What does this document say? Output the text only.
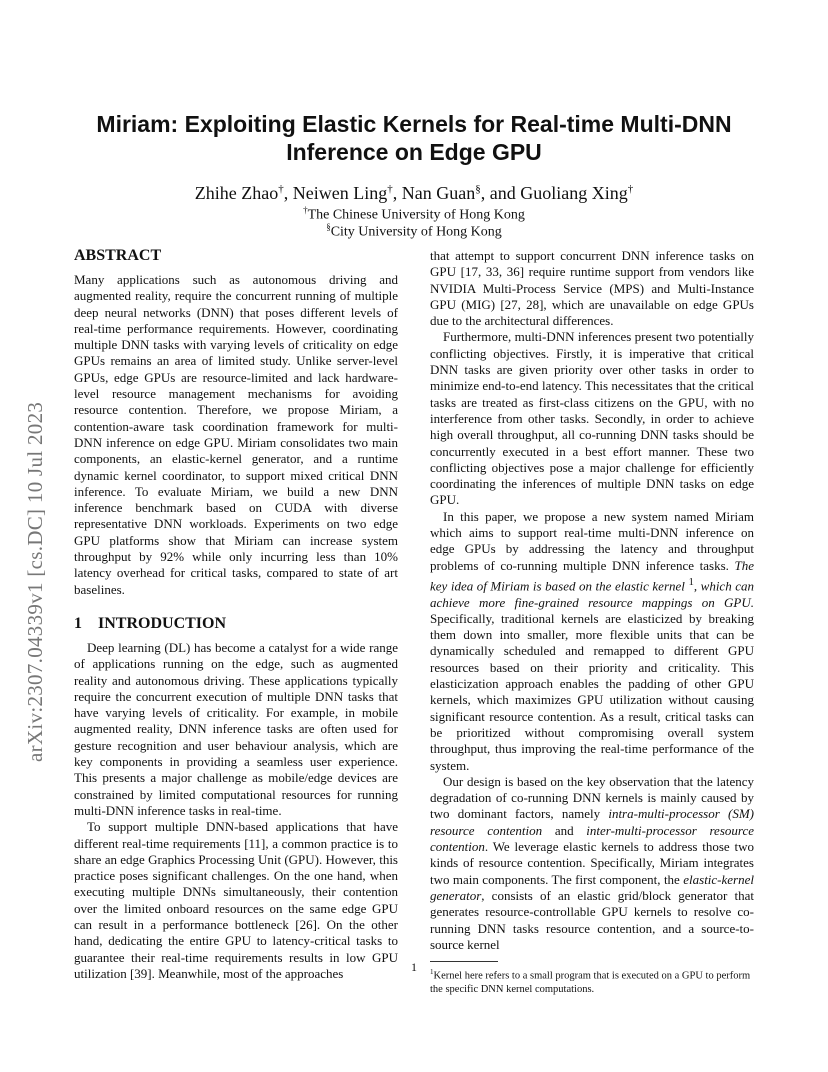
arXiv:2307.04339v1 [cs.DC] 10 Jul 2023
Miriam: Exploiting Elastic Kernels for Real-time Multi-DNN
Inference on Edge GPU
Zhihe Zhao†, Neiwen Ling†, Nan Guan§, and Guoliang Xing†
†The Chinese University of Hong Kong
§City University of Hong Kong
ABSTRACT

Many applications such as autonomous driving and augmented reality, require the concurrent running of multiple deep neural networks (DNN) that poses different levels of real-time performance requirements. However, coordinating multiple DNN tasks with varying levels of criticality on edge GPUs remains an area of limited study. Unlike server-level GPUs, edge GPUs are resource-limited and lack hardware-level resource management mechanisms for avoiding resource contention. Therefore, we propose Miriam, a contention-aware task coordination framework for multi-DNN inference on edge GPU. Miriam consolidates two main components, an elastic-kernel generator, and a runtime dynamic kernel coordinator, to support mixed critical DNN inference. To evaluate Miriam, we build a new DNN inference benchmark based on CUDA with diverse representative DNN workloads. Experiments on two edge GPU platforms show that Miriam can increase system throughput by 92% while only incurring less than 10% latency overhead for critical tasks, compared to state of art baselines.

1 INTRODUCTION

Deep learning (DL) has become a catalyst for a wide range of applications running on the edge, such as augmented reality and autonomous driving. These applications typically require the concurrent execution of multiple DNN tasks that have varying levels of criticality. For example, in mobile augmented reality, DNN inference tasks are often used for gesture recognition and user behaviour analysis, which are key components in providing a seamless user experience. This presents a major challenge as mobile/edge devices are constrained by limited computational resources for running multi-DNN inference tasks in real-time.

To support multiple DNN-based applications that have different real-time requirements [11], a common practice is to share an edge Graphics Processing Unit (GPU). However, this practice poses significant challenges. On the one hand, when executing multiple DNNs simultaneously, their contention over the limited onboard resources on the same edge GPU can result in a performance bottleneck [26]. On the other hand, dedicating the entire GPU to latency-critical tasks to guarantee their real-time requirements results in low GPU utilization [39]. Meanwhile, most of the approaches

that attempt to support concurrent DNN inference tasks on GPU [17, 33, 36] require runtime support from vendors like NVIDIA Multi-Process Service (MPS) and Multi-Instance GPU (MIG) [27, 28], which are unavailable on edge GPUs due to the architectural differences.

Furthermore, multi-DNN inferences present two potentially conflicting objectives. Firstly, it is imperative that critical DNN tasks are given priority over other tasks in order to minimize end-to-end latency. This necessitates that the critical tasks are treated as first-class citizens on the GPU, with no interference from other tasks. Secondly, in order to achieve high overall throughput, all co-running DNN tasks should be concurrently executed in a best effort manner. These two conflicting objectives pose a major challenge for efficiently coordinating the inferences of multiple DNN tasks on edge GPU.

In this paper, we propose a new system named Miriam which aims to support real-time multi-DNN inference on edge GPUs by addressing the latency and throughput problems of co-running multiple DNN inference tasks. The key idea of Miriam is based on the elastic kernel $^1$, which can achieve more fine-grained resource mappings on GPU. Specifically, traditional kernels are elasticized by breaking them down into smaller, more flexible units that can be dynamically scheduled and remapped to different GPU resources based on their priority and criticality. This elasticization approach enables the padding of other GPU kernels, which maximizes GPU utilization without causing significant resource contention. As a result, critical tasks can be prioritized without compromising overall system throughput, thus improving the real-time performance of the system.

Our design is based on the key observation that the latency degradation of co-running DNN kernels is mainly caused by two dominant factors, namely intra-multi-processor (SM) resource contention and inter-multi-processor resource contention. We leverage elastic kernels to address those two kinds of resource contention. Specifically, Miriam integrates two main components. The first component, the elastic-kernel generator, consists of an elastic grid/block generator that generates resource-controllable GPU kernels to resolve co-running DNN tasks resource contention, and a source-to-source kernel

$^1$Kernel here refers to a small program that is executed on a GPU to perform the specific DNN kernel computations.
1
